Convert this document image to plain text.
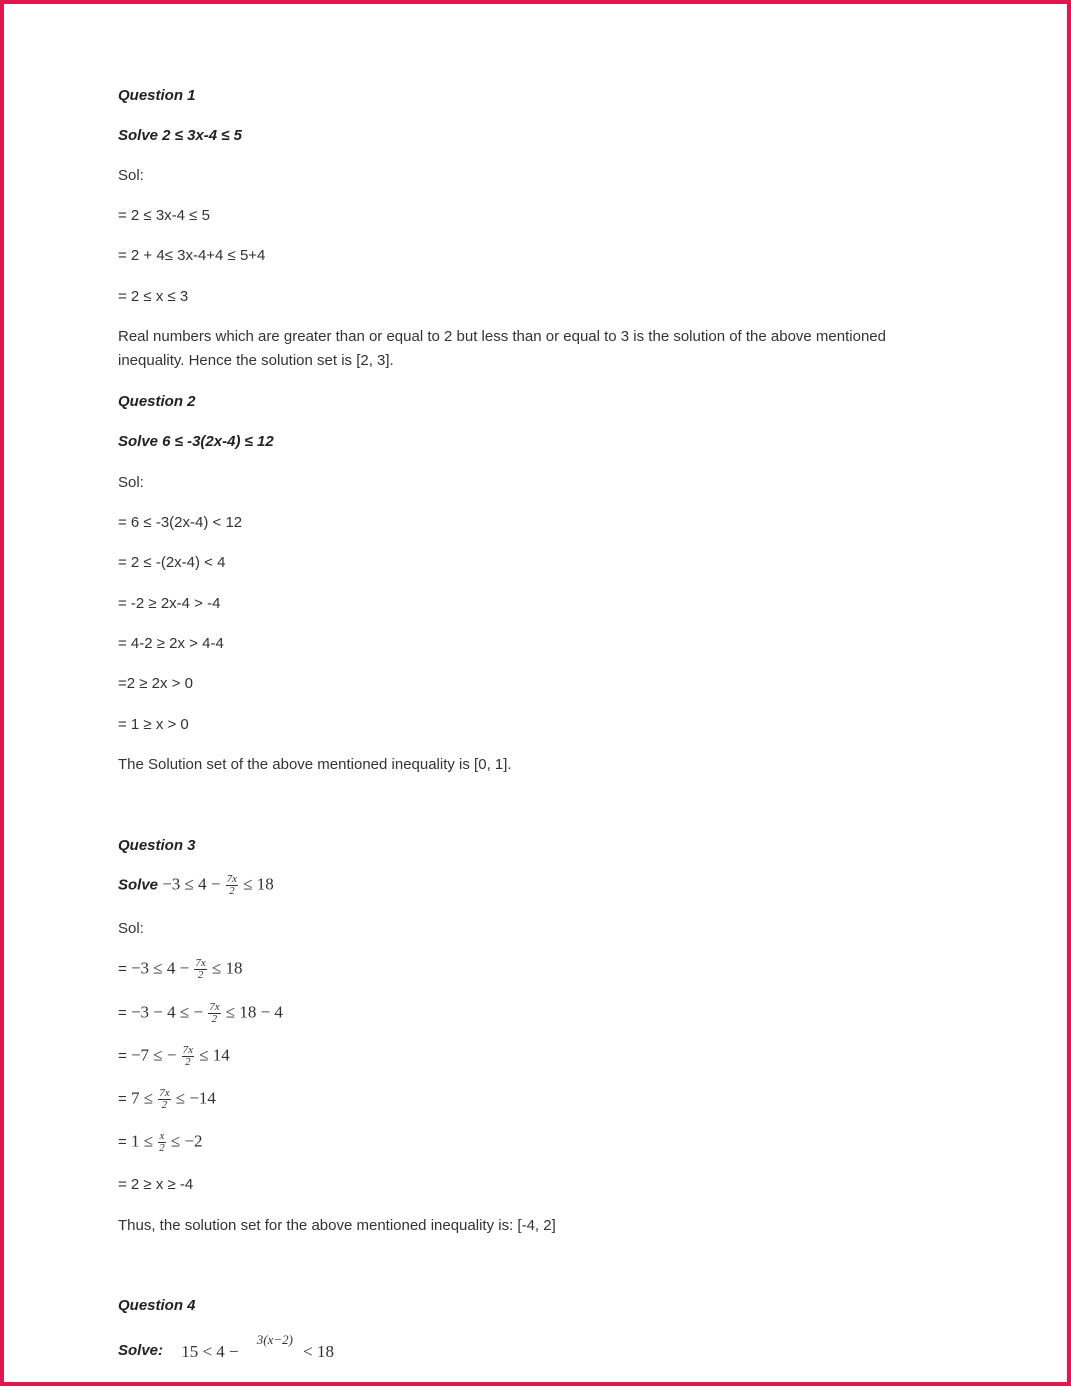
Question 1
Solve 2 ≤ 3x-4 ≤ 5
Sol:
= 2 ≤ 3x-4 ≤ 5
= 2 + 4≤ 3x-4+4 ≤ 5+4
= 2 ≤ x ≤ 3
Real numbers which are greater than or equal to 2 but less than or equal to 3 is the solution of the above mentioned inequality. Hence the solution set is [2, 3].
Question 2
Solve 6 ≤ -3(2x-4) ≤ 12
Sol:
= 6 ≤ -3(2x-4) < 12
= 2 ≤ -(2x-4) < 4
= -2 ≥ 2x-4 > -4
= 4-2 ≥ 2x > 4-4
=2 ≥ 2x > 0
= 1 ≥ x > 0
The Solution set of the above mentioned inequality is [0, 1].
Question 3
Solve $-3 \le 4 - \frac{7x}{2} \le 18$
Sol:
= $-3 \le 4 - \frac{7x}{2} \le 18$
= −3 − 4 ≤ − $\frac{7x}{2} \le 18 - 4$
= −7 ≤ − $\frac{7x}{2} \le 14$
= $7 \le \frac{7x}{2} \le -14$
= $1 \le \frac{x}{2} \le -2$
= 2 ≥ x ≥ -4
Thus, the solution set for the above mentioned inequality is: [-4, 2]
Question 4
Solve: 15 < 4 − 3(x−2) < 18
